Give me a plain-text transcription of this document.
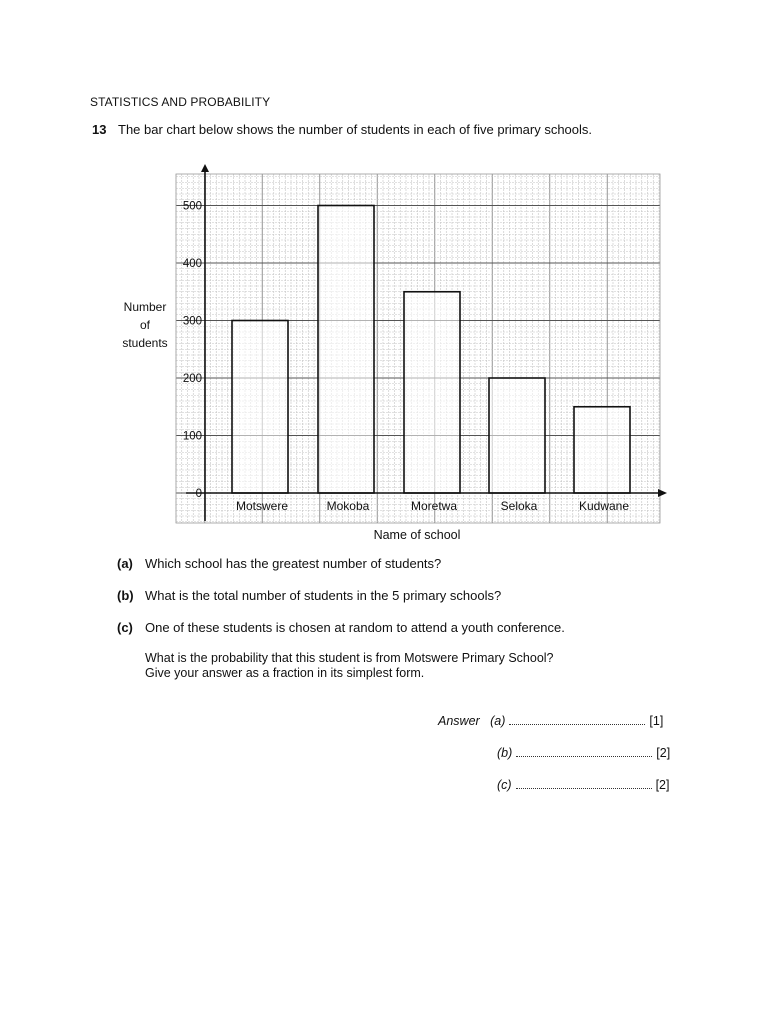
STATISTICS AND PROBABILITY
13 The bar chart below shows the number of students in each of five primary schools.
0
100
200
300
400
500
Motswere	Mokoba	Moretwa	Seloka	Kudwane
Number
of
students
Name of school
(a) Which school has the greatest number of students?
(b) What is the total number of students in the 5 primary schools?
(c) One of these students is chosen at random to attend a youth conference.
What is the probability that this student is from Motswere Primary School?
Give your answer as a fraction in its simplest form.
Answer (a)	[1]
(b)	[2]
(c)	[2]
